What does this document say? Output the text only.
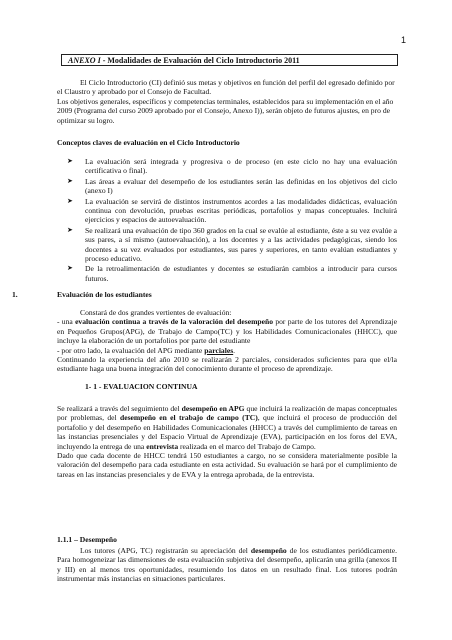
1
ANEXO I - Modalidades de Evaluación del Ciclo Introductorio 2011

El Ciclo Introductorio (CI) definió sus metas y objetivos en función del perfil del egresado definido por el Claustro y aprobado por el Consejo de Facultad.

Los objetivos generales, específicos y competencias terminales, establecidos para su implementación en el año 2009 (Programa del curso 2009 aprobado por el Consejo, Anexo I)), serán objeto de futuros ajustes, en pro de optimizar su logro.

Conceptos claves de evaluación en el Ciclo Introductorio
➤ La evaluación será integrada y progresiva o de proceso (en este ciclo no hay una evaluación certificativa o final).
➤ Las áreas a evaluar del desempeño de los estudiantes serán las definidas en los objetivos del ciclo (anexo I)
➤ La evaluación se servirá de distintos instrumentos acordes a las modalidades didácticas, evaluación continua con devolución, pruebas escritas periódicas, portafolios y mapas conceptuales. Incluirá ejercicios y espacios de autoevaluación.
➤ Se realizará una evaluación de tipo 360 grados en la cual se evalúe al estudiante, éste a su vez evalúe a sus pares, a sí mismo (autoevaluación), a los docentes y a las actividades pedagógicas, siendo los docentes a su vez evaluados por estudiantes, sus pares y superiores, en tanto evalúan estudiantes y proceso educativo.
➤ De la retroalimentación de estudiantes y docentes se estudiarán cambios a introducir para cursos futuros.
1.	Evaluación de los estudiantes

Constará de dos grandes vertientes de evaluación:

- una evaluación continua a través de la valoración del desempeño por parte de los tutores del Aprendizaje en Pequeños Grupos(APG), de Trabajo de Campo(TC) y los Habilidades Comunicacionales (HHCC), que incluye la elaboración de un portafolios por parte del estudiante

- por otro lado, la evaluación del APG mediante parciales.

Continuando la experiencia del año 2010 se realizarán 2 parciales, considerados suficientes para que el/la estudiante haga una buena integración del conocimiento durante el proceso de aprendizaje.

1- 1 - EVALUACION CONTINUA

Se realizará a través del seguimiento del desempeño en APG que incluirá la realización de mapas conceptuales por problemas, del desempeño en el trabajo de campo (TC), que incluirá el proceso de producción del portafolio y del desempeño en Habilidades Comunicacionales (HHCC) a través del cumplimiento de tareas en las instancias presenciales y del Espacio Virtual de Aprendizaje (EVA), participación en los foros del EVA, incluyendo la entrega de una entrevista realizada en el marco del Trabajo de Campo.

Dado que cada docente de HHCC tendrá 150 estudiantes a cargo, no se considera materialmente posible la valoración del desempeño para cada estudiante en esta actividad. Su evaluación se hará por el cumplimiento de tareas en las instancias presenciales y de EVA y la entrega aprobada, de la entrevista.

1.1.1 – Desempeño

Los tutores (APG, TC) registrarán su apreciación del desempeño de los estudiantes periódicamente. Para homogeneizar las dimensiones de esta evaluación subjetiva del desempeño, aplicarán una grilla (anexos II y III) en al menos tres oportunidades, resumiendo los datos en un resultado final. Los tutores podrán instrumentar más instancias en situaciones particulares.
